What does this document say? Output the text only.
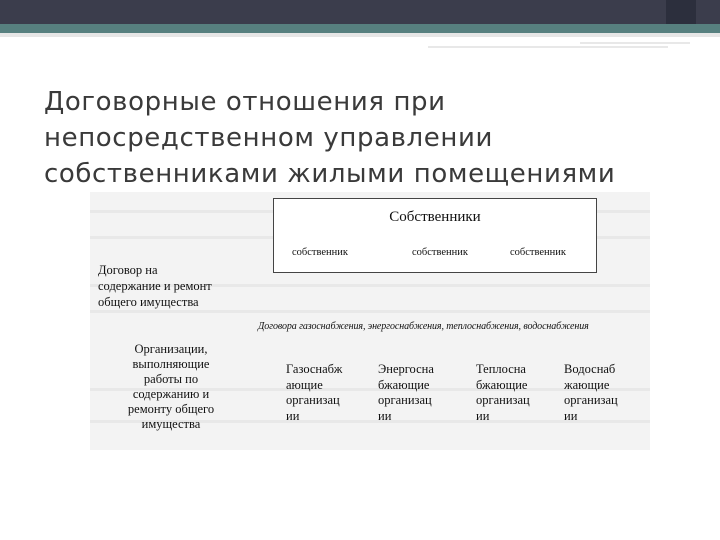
Договорные отношения при
непосредственном управлении
собственниками жилыми помещениями
Собственники
собственник	собственник	собственник
Договор на
содержание и ремонт
общего имущества
Договора газоснабжения, энергоснабжения, теплоснабжения, водоснабжения
Организации,
выполняющие
работы по
содержанию и
ремонту общего
имущества
Газоснабж
ающие
организац
ии
Энергосна
бжающие
организац
ии
Теплосна
бжающие
организац
ии
Водоснаб
жающие
организац
ии
